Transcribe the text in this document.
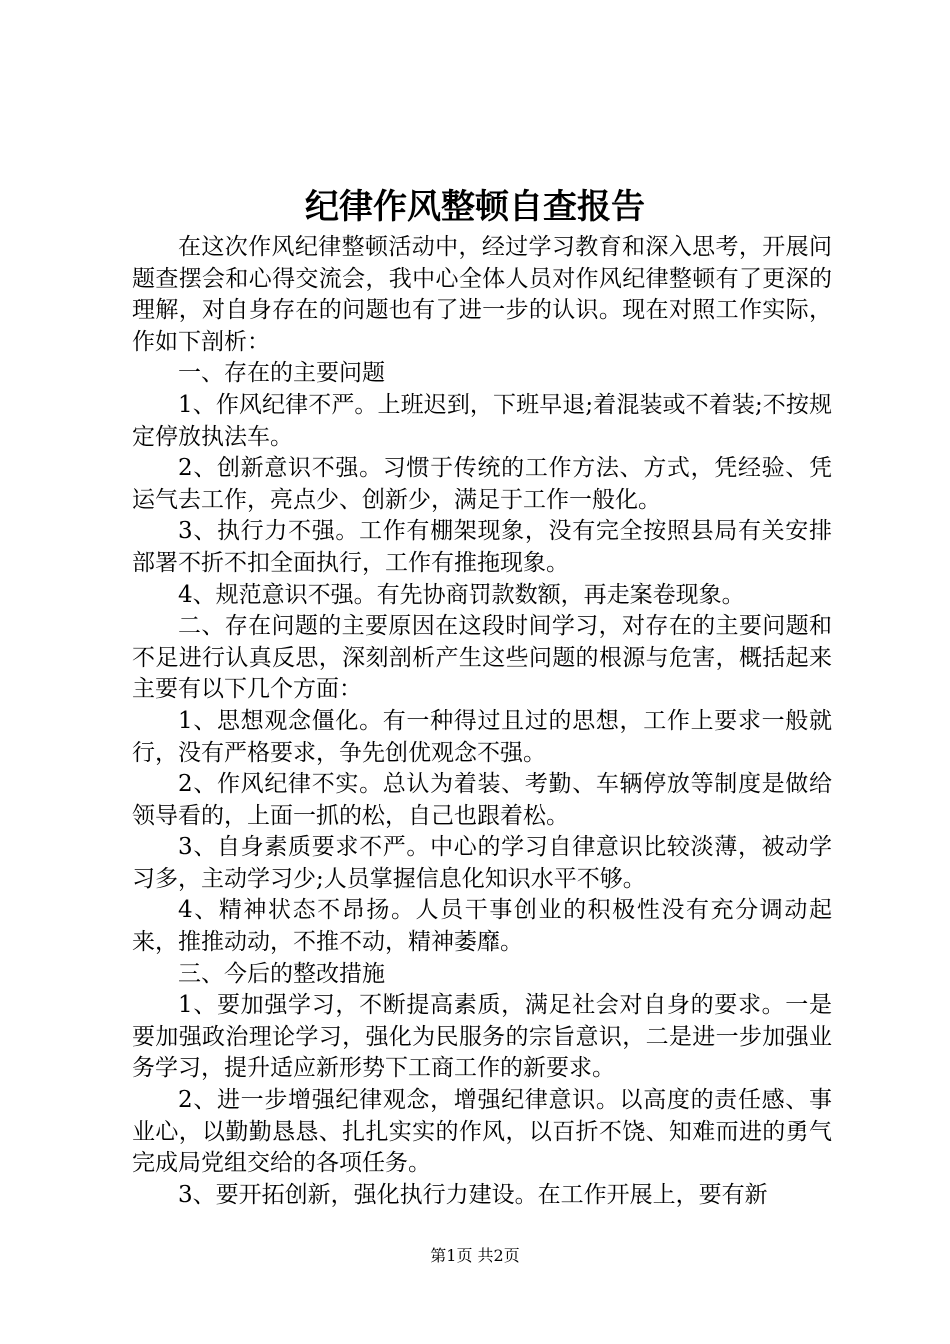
纪律作风整顿自查报告

在这次作风纪律整顿活动中，经过学习教育和深入思考，开展问题查摆会和心得交流会，我中心全体人员对作风纪律整顿有了更深的理解，对自身存在的问题也有了进一步的认识。现在对照工作实际，作如下剖析：

一、存在的主要问题

1、作风纪律不严。上班迟到，下班早退;着混装或不着装;不按规定停放执法车。

2、创新意识不强。习惯于传统的工作方法、方式，凭经验、凭运气去工作，亮点少、创新少，满足于工作一般化。

3、执行力不强。工作有棚架现象，没有完全按照县局有关安排部署不折不扣全面执行，工作有推拖现象。

4、规范意识不强。有先协商罚款数额，再走案卷现象。

二、存在问题的主要原因在这段时间学习，对存在的主要问题和不足进行认真反思，深刻剖析产生这些问题的根源与危害，概括起来主要有以下几个方面：

1、思想观念僵化。有一种得过且过的思想，工作上要求一般就行，没有严格要求，争先创优观念不强。

2、作风纪律不实。总认为着装、考勤、车辆停放等制度是做给领导看的，上面一抓的松，自己也跟着松。

3、自身素质要求不严。中心的学习自律意识比较淡薄，被动学习多，主动学习少;人员掌握信息化知识水平不够。

4、精神状态不昂扬。人员干事创业的积极性没有充分调动起来，推推动动，不推不动，精神萎靡。

三、今后的整改措施

1、要加强学习，不断提高素质，满足社会对自身的要求。一是要加强政治理论学习，强化为民服务的宗旨意识，二是进一步加强业务学习，提升适应新形势下工商工作的新要求。

2、进一步增强纪律观念，增强纪律意识。以高度的责任感、事业心，以勤勤恳恳、扎扎实实的作风，以百折不饶、知难而进的勇气完成局党组交给的各项任务。

3、要开拓创新，强化执行力建设。在工作开展上，要有新

第1页 共2页
